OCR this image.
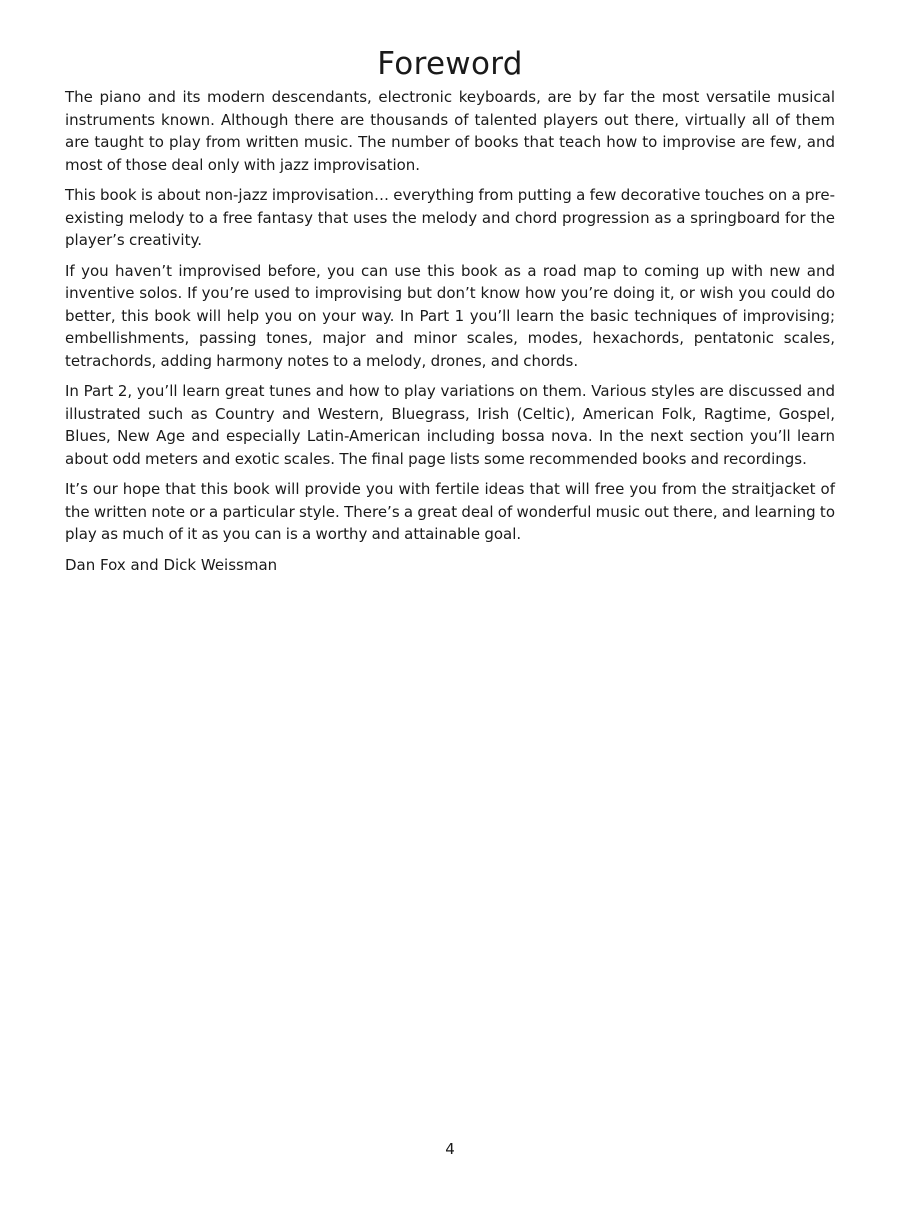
Foreword

The piano and its modern descendants, electronic keyboards, are by far the most versatile musical instruments known. Although there are thousands of talented players out there, virtually all of them are taught to play from written music. The number of books that teach how to improvise are few, and most of those deal only with jazz improvisation.

This book is about non-jazz improvisation… everything from putting a few decorative touches on a pre-existing melody to a free fantasy that uses the melody and chord progression as a springboard for the player’s creativity.

If you haven’t improvised before, you can use this book as a road map to coming up with new and inventive solos. If you’re used to improvising but don’t know how you’re doing it, or wish you could do better, this book will help you on your way. In Part 1 you’ll learn the basic techniques of improvising; embellishments, passing tones, major and minor scales, modes, hexachords, pentatonic scales, tetrachords, adding harmony notes to a melody, drones, and chords.

In Part 2, you’ll learn great tunes and how to play variations on them. Various styles are discussed and illustrated such as Country and Western, Bluegrass, Irish (Celtic), American Folk, Ragtime, Gospel, Blues, New Age and especially Latin-American including bossa nova. In the next section you’ll learn about odd meters and exotic scales. The final page lists some recommended books and recordings.

It’s our hope that this book will provide you with fertile ideas that will free you from the straitjacket of the written note or a particular style. There’s a great deal of wonderful music out there, and learning to play as much of it as you can is a worthy and attainable goal.

Dan Fox and Dick Weissman

4
